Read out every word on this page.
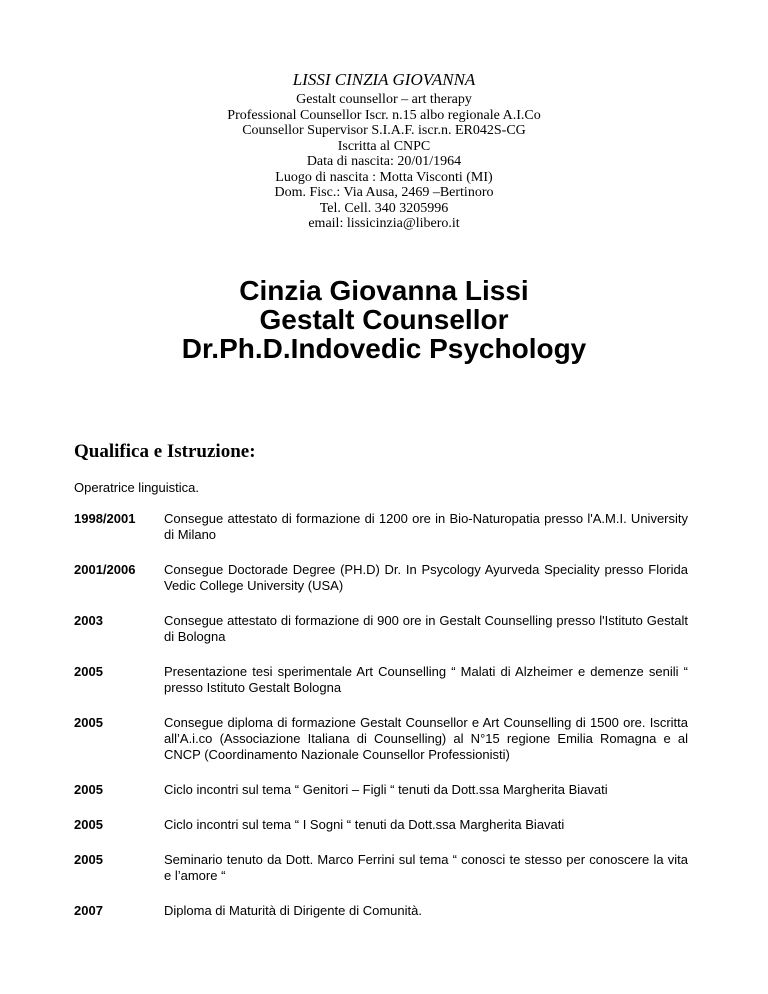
LISSI CINZIA GIOVANNA
Gestalt counsellor – art therapy
Professional Counsellor Iscr. n.15 albo regionale A.I.Co
Counsellor Supervisor S.I.A.F. iscr.n. ER042S-CG
Iscritta al CNPC
Data di nascita: 20/01/1964
Luogo di nascita : Motta Visconti (MI)
Dom. Fisc.: Via Ausa, 2469 –Bertinoro
Tel. Cell. 340 3205996
email: lissicinzia@libero.it
Cinzia Giovanna Lissi
Gestalt Counsellor
Dr.Ph.D.Indovedic Psychology
Qualifica e Istruzione:
Operatrice linguistica.
1998/2001	Consegue attestato di formazione di 1200 ore in Bio-Naturopatia presso l'A.M.I. University di Milano
2001/2006	Consegue Doctorade Degree (PH.D) Dr. In Psycology Ayurveda Speciality presso Florida Vedic College University (USA)
2003	Consegue attestato di formazione di 900 ore in Gestalt Counselling presso l'Istituto Gestalt di Bologna
2005	Presentazione tesi sperimentale Art Counselling “ Malati di Alzheimer e demenze senili “ presso Istituto Gestalt Bologna
2005	Consegue diploma di formazione Gestalt Counsellor e Art Counselling di 1500 ore. Iscritta all’A.i.co (Associazione Italiana di Counselling) al N°15 regione Emilia Romagna e al CNCP (Coordinamento Nazionale Counsellor Professionisti)
2005	Ciclo incontri sul tema “ Genitori – Figli “ tenuti da Dott.ssa Margherita Biavati
2005	Ciclo incontri sul tema “ I Sogni “ tenuti da Dott.ssa Margherita Biavati
2005	Seminario tenuto da Dott. Marco Ferrini sul tema “ conosci te stesso per conoscere la vita e l’amore “
2007	Diploma di Maturità di Dirigente di Comunità.
